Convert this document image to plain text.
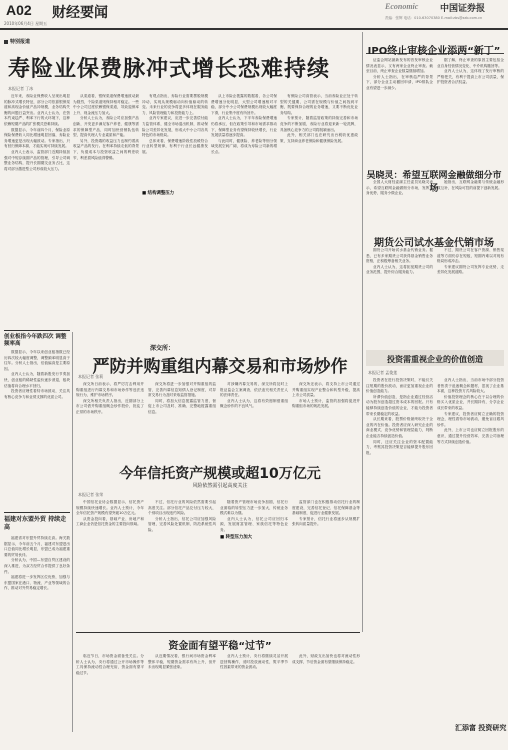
A02 财经要闻
2010年06月4日 星期五
Economic 中国证券报
责编：张辉 电话：010-63070380 E-mail:zbs@zzb.com.cn
特别报道
寿险业保费脉冲式增长恐难持续
本报记者 丁冰

近年来，寿险业保费收入呈现出明显的脉冲式增长特征，部分公司依靠银保渠道和高现金价值产品冲规模，业务结构失衡的问题日益突出。业内人士认为，在资本约束趋严、利率下行的大环境下，这种依赖短期产品的扩张模式恐难持续。

数据显示，今年前四个月，保险业原保险保费收入同比增速明显回落，寿险业务增速更是出现大幅波动。专家指出，只有回归保障本源，才能实现可持续发展。

业内人士表示，监管部门近期持续加强对中短存续期产品的管理，引导公司调整业务结构，提升长期期交业务占比，这将对部分激进型公司形成较大压力。

从渠道看，银保渠道保费增速波动最为剧烈，个险渠道则保持相对稳定。一些中小公司过度依赖银保渠道，导致退保率上升、现金流压力加大。

分析人士认为，寿险公司应加强产品创新，开发更多满足客户养老、健康等需求的保障型产品，同时加快营销队伍转型，提高代理人专业素质和产能。

另外，投资端的收益压力也制约着高收益产品的发行。在利率持续走低的背景下，负债成本与投资收益之间的利差收窄，利差损风险值得警惕。

有观点指出，寿险行业需要摆脱规模冲动，实现从规模驱动向价值驱动的转变。未来行业的竞争将更多体现在服务能力、风险管理能力和投资能力上。

业内专家建议，应进一步完善偿付能力监管体系，健全市场退出机制，推动保险公司差异化发展，形成大中小公司各具特色的市场格局。

总体来看，保费增速阶段性放缓符合行业转型规律，有利于行业长远健康发展。

■ 结构调整压力

从上市险企披露的数据看，各公司保费增速分化明显，大型公司增速相对平稳，部分中小公司保费规模出现较大幅度下滑，行业集中度有所回升。

业内人士认为，下半年寿险保费增速仍将承压，但在政策引导和市场需求推动下，保障型业务有望保持较快增长，行业发展质量将逐步提高。

与此同时，健康险、养老险等细分领域发展空间广阔，将成为寿险公司新的增长点。

有保险公司高管表示，当前寿险业正处于转型的关键期，公司需在规模与价值之间找到平衡，既要保持合理的业务增速，又要不断优化业务结构。

专家预计，随着监管政策的持续完善和市场竞争的不断加剧，寿险行业将迎来新一轮洗牌，具备核心竞争力的公司将脱颖而出。

此外，相关部门也在研究出台税收优惠政策，支持商业养老保险和健康保险发展。

IPO终止审核企业添两“新丁”

证监会网站最新发布的首发审核企业情况表显示，又有两家企业终止审查。截至目前，终止审查企业数量继续增加。

分析人士指出，在审核趋严的背景下，部分企业主动撤回申请，IPO排队企业有望进一步减少。

据了解，终止审查的原因主要包括企业自身经营情况变化、中介机构撤回等。

业内人士认为，这体现了发行审核的严格把关，有利于提高上市公司质量，保护投资者合法权益。

吴晓灵：希望互联网金融做细分市场

全国人大财经委副主任委员吴晓灵表示，希望互联网金融做细分市场，发挥自身优势，服务小微企业。

她指出，互联网金融要与传统金融形成互补，在风险可控的前提下创新发展。

期货公司试水基金代销市场

期货公司开始试水基金代销业务。据悉，已有多家期货公司获得基金销售业务资格，正积极筹备相关业务。

业内人士认为，这将拓宽期货公司的业务范围，提升综合服务能力。

不过，期货公司在客户资源、销售渠道等方面仍存在短板，短期内难以对现有格局形成冲击。

专家建议期货公司发挥专业优势，走差异化发展道路。

创业板指今年跌四次 调整频率高

数据显示，今年以来创业板指数已经历四次较大幅度调整，调整频率明显高于往年。分析人士指出，估值偏高是主要原因。

业内人士认为，随着新股发行节奏加快，创业板的稀缺性溢价逐步消退，板块估值将向合理水平回归。

投资者应理性看待市场波动，关注具有核心竞争力和业绩支撑的优质公司。

福建对东盟外贸 持续走高

福建省对东盟外贸持续走高。海关数据显示，今年前五个月，福建对东盟进出口总值同比增长明显，东盟已成为福建重要的贸易伙伴。

分析认为，中国—东盟自贸区建设的深入推进，为双方经贸合作提供了良好条件。

福建将进一步发挥区位优势，加强与东盟国家在港口、物流、产业等领域的合作，推动对外贸易稳定增长。

深交所：
严防并购重组内幕交易和市场炒作
本报记者 张莉

深交所日前表示，将严厉打击利用并购重组进行内幕交易和市场炒作等违法违规行为，维护市场秩序。

深交所相关负责人指出，近期部分上市公司借并购重组概念炒作股价，扰乱了正常的市场秩序。

深交所将进一步加强对并购重组的监管，完善内幕信息知情人登记制度，对异常交易行为及时采取监管措施。

同时，将加大信息披露监管力度，督促上市公司及时、准确、完整地披露重组信息。

对涉嫌内幕交易的，深交所将及时上报证监会立案调查，依法追究相关责任人的法律责任。

业内人士认为，这将有效遏制借重组概念炒作的不良风气。

深交所还表示，将支持上市公司通过并购重组实现产业整合和转型升级，提高上市公司质量。

市场人士预计，监管的加强将促进并购重组市场的规范发展。

今年信托资产规模或超10万亿元
风险依然需引起高度关注
本报记者 张荣

中国信托业协会数据显示，信托资产规模持续快速增长。业内人士预计，今年全年信托资产规模有望突破10万亿元。

从资金投向看，基础产业、房地产和工商企业仍是信托资金的主要投向领域。

不过，信托行业的风险依然需要引起高度关注。部分信托产品兑付压力较大，个别项目出现违约风险。

分析人士指出，信托公司应加强风险管理，完善风险处置机制，防范系统性风险。

■ 转型压力加大

随着资产管理市场竞争加剧，信托行业面临的转型压力进一步加大，传统业务模式难以为继。

业内人士认为，信托公司应回归本源，发展财富管理、家族信托等特色业务。

监管部门也在积极推动信托行业的制度建设，完善信托登记、信托保障基金等基础制度，促进行业健康发展。

专家预计，信托行业将逐步从规模扩张转向质量提升。

投资需重视企业的价值创造
本报记者 孟俊莲

投资者在进行投资决策时，不能仅关注短期的股价波动，而应更加重视企业的价值创造能力。

所谓价值创造，是指企业通过经营活动为股东创造超过资本成本的回报。只有能够持续创造价值的企业，才能为投资者带来长期稳定的收益。

从长期来看，股票价格最终取决于企业的内在价值。投资者应深入研究企业的商业模式、竞争优势和管理层能力，判断企业能否持续创造价值。

同时，还应关注企业的资本配置能力，考察其投资决策是否能够提升股东回报。

业内人士指出，当前市场中部分投资者热衷于追逐概念和题材，忽视了企业基本面，这种投资方式风险较大。

价值投资理念的核心在于以合理的价格买入优质企业，并长期持有，分享企业成长带来的收益。

专家建议，投资者应树立正确的投资理念，理性看待市场波动，避免盲目跟风炒作。

此外，上市公司也应树立回报股东的意识，通过提升经营效率、完善公司治理等方式持续创造价值。

资金面有望平稳“过节”

临近节日，市场资金面备受关注。分析人士认为，央行将通过公开市场操作等工具保持流动性合理充裕，资金面有望平稳过节。

从近期情况看，银行间市场资金利率整体平稳，短期资金需求有所上升，但并未出现明显紧张迹象。

业内人士预计，央行将继续灵活开展逆回购操作，适时投放流动性，熨平季节性因素带来的资金波动。

此外，财政支出加快也将对流动性形成支撑，节后资金面有望继续保持稳定。

汇添富 投资研究
